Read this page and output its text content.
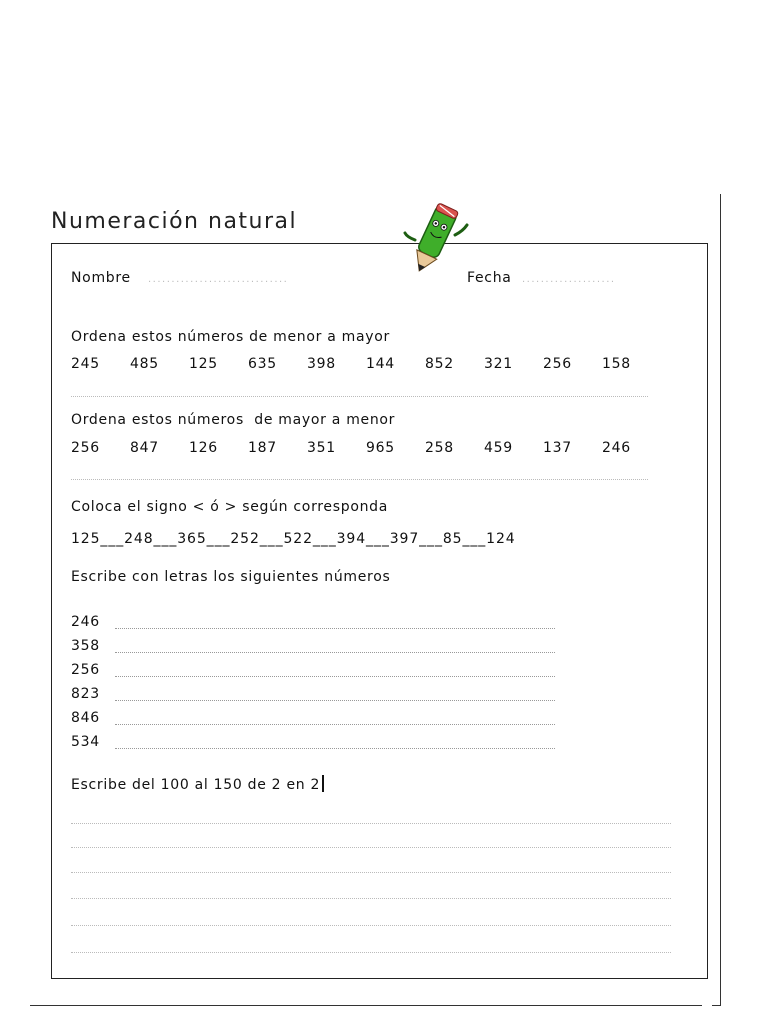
Numeración natural
Nombre ..............................	Fecha ....................
Ordena estos números de menor a mayor
245	485	125	635	398	144	852	321	256	158
Ordena estos números  de mayor a menor
256	847	126	187	351	965	258	459	137	246
Coloca el signo < ó > según corresponda
125___248___365___252___522___394___397___85___124
Escribe con letras los siguientes números
246
358
256
823
846
534
Escribe del 100 al 150 de 2 en 2
